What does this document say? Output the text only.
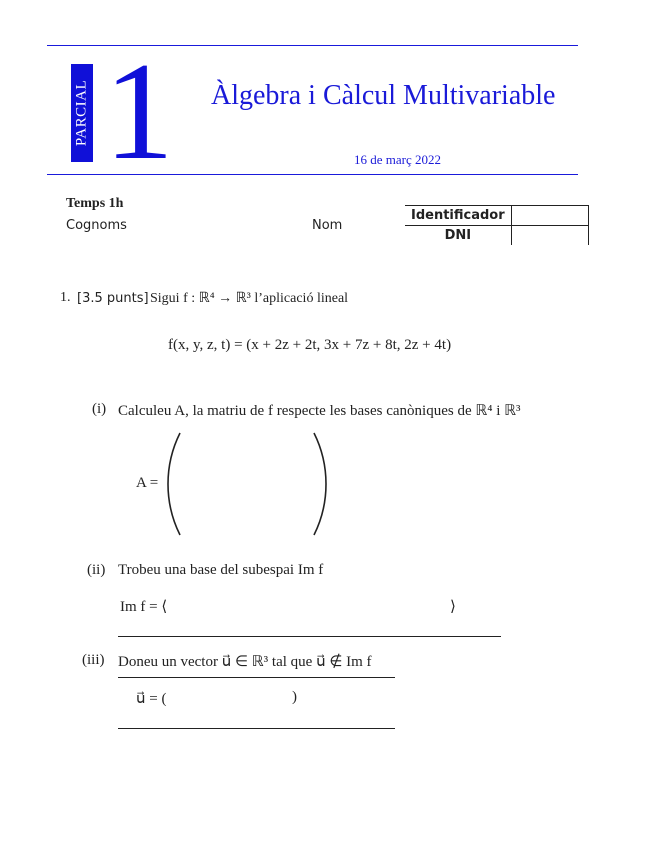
PARCIAL 1 Àlgebra i Càlcul Multivariable
16 de març 2022
Temps 1h
Cognoms	Nom
Identificador	
DNI	
1. [3.5 punts] Sigui f : ℝ⁴ → ℝ³ l’aplicació lineal
f(x, y, z, t) = (x + 2z + 2t, 3x + 7z + 8t, 2z + 4t)
(i) Calculeu A, la matriu de f respecte les bases canòniques de ℝ⁴ i ℝ³
A =
(ii) Trobeu una base del subespai Im f
Im f = ⟨	⟩
(iii) Doneu un vector u⃗ ∈ ℝ³ tal que u⃗ ∉ Im f
u⃗ = (	)
